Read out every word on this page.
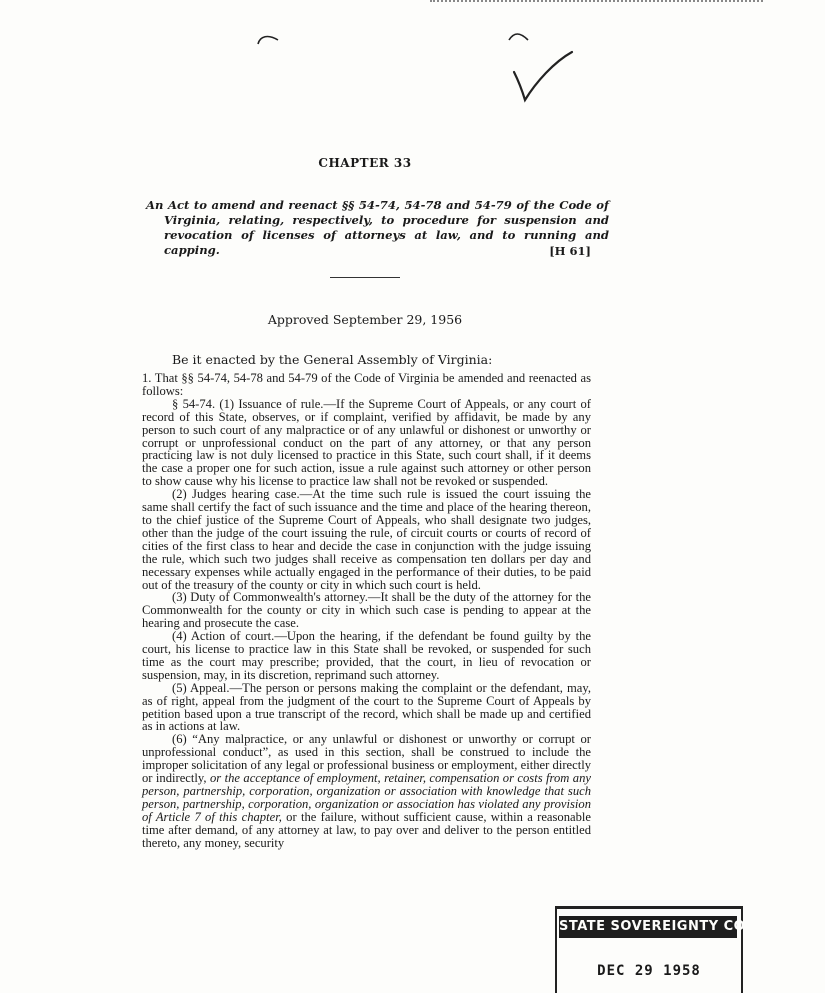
CHAPTER 33
An Act to amend and reenact §§ 54-74, 54-78 and 54-79 of the Code of Virginia, relating, respectively, to procedure for suspension and revocation of licenses of attorneys at law, and to running and capping.	[H 61]
Approved September 29, 1956
Be it enacted by the General Assembly of Virginia:

1. That §§ 54-74, 54-78 and 54-79 of the Code of Virginia be amended and reenacted as follows:

§ 54-74. (1) Issuance of rule.—If the Supreme Court of Appeals, or any court of record of this State, observes, or if complaint, verified by affidavit, be made by any person to such court of any malpractice or of any unlawful or dishonest or unworthy or corrupt or unprofessional conduct on the part of any attorney, or that any person practicing law is not duly licensed to practice in this State, such court shall, if it deems the case a proper one for such action, issue a rule against such attorney or other person to show cause why his license to practice law shall not be revoked or suspended.

(2) Judges hearing case.—At the time such rule is issued the court issuing the same shall certify the fact of such issuance and the time and place of the hearing thereon, to the chief justice of the Supreme Court of Appeals, who shall designate two judges, other than the judge of the court issuing the rule, of circuit courts or courts of record of cities of the first class to hear and decide the case in conjunction with the judge issuing the rule, which such two judges shall receive as compensation ten dollars per day and necessary expenses while actually engaged in the performance of their duties, to be paid out of the treasury of the county or city in which such court is held.

(3) Duty of Commonwealth's attorney.—It shall be the duty of the attorney for the Commonwealth for the county or city in which such case is pending to appear at the hearing and prosecute the case.

(4) Action of court.—Upon the hearing, if the defendant be found guilty by the court, his license to practice law in this State shall be revoked, or suspended for such time as the court may prescribe; provided, that the court, in lieu of revocation or suspension, may, in its discretion, reprimand such attorney.

(5) Appeal.—The person or persons making the complaint or the defendant, may, as of right, appeal from the judgment of the court to the Supreme Court of Appeals by petition based upon a true transcript of the record, which shall be made up and certified as in actions at law.

(6) “Any malpractice, or any unlawful or dishonest or unworthy or corrupt or unprofessional conduct”, as used in this section, shall be construed to include the improper solicitation of any legal or professional business or employment, either directly or indirectly, or the acceptance of employment, retainer, compensation or costs from any person, partnership, corporation, organization or association with knowledge that such person, partnership, corporation, organization or association has violated any provision of Article 7 of this chapter, or the failure, without sufficient cause, within a reasonable time after demand, of any attorney at law, to pay over and deliver to the person entitled thereto, any money, security

STATE SOVEREIGNTY COMMISSION
DEC 29 1958
